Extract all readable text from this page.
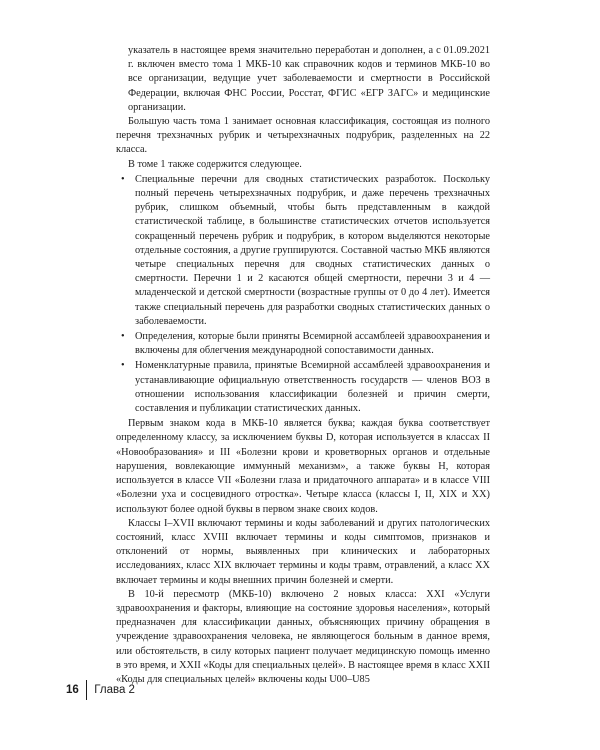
указатель в настоящее время значительно переработан и дополнен, а с 01.09.2021 г. включен вместо тома 1 МКБ-10 как справочник кодов и терминов МКБ-10 во все организации, ведущие учет заболеваемости и смертности в Российской Федерации, включая ФНС России, Росстат, ФГИС «ЕГР ЗАГС» и медицинские организации.

Большую часть тома 1 занимает основная классификация, состоящая из полного перечня трехзначных рубрик и четырехзначных подрубрик, разделенных на 22 класса.

В томе 1 также содержится следующее.

• Специальные перечни для сводных статистических разработок. Поскольку полный перечень четырехзначных подрубрик, и даже перечень трехзначных рубрик, слишком объемный, чтобы быть представленным в каждой статистической таблице, в большинстве статистических отчетов используется сокращенный перечень рубрик и подрубрик, в котором выделяются некоторые отдельные состояния, а другие группируются. Составной частью МКБ являются четыре специальных перечня для сводных статистических данных о смертности. Перечни 1 и 2 касаются общей смертности, перечни 3 и 4 — младенческой и детской смертности (возрастные группы от 0 до 4 лет). Имеется также специальный перечень для разработки сводных статистических данных о заболеваемости.
• Определения, которые были приняты Всемирной ассамблеей здравоохранения и включены для облегчения международной сопоставимости данных.
• Номенклатурные правила, принятые Всемирной ассамблеей здравоохранения и устанавливающие официальную ответственность государств — членов ВОЗ в отношении использования классификации болезней и причин смерти, составления и публикации статистических данных.

Первым знаком кода в МКБ-10 является буква; каждая буква соответствует определенному классу, за исключением буквы D, которая используется в классах II «Новообразования» и III «Болезни крови и кроветворных органов и отдельные нарушения, вовлекающие иммунный механизм», а также буквы H, которая используется в классе VII «Болезни глаза и придаточного аппарата» и в классе VIII «Болезни уха и сосцевидного отростка». Четыре класса (классы I, II, XIX и XX) используют более одной буквы в первом знаке своих кодов.

Классы I–XVII включают термины и коды заболеваний и других патологических состояний, класс XVIII включает термины и коды симптомов, признаков и отклонений от нормы, выявленных при клинических и лабораторных исследованиях, класс XIX включает термины и коды травм, отравлений, а класс XX включает термины и коды внешних причин болезней и смерти.

В 10-й пересмотр (МКБ-10) включено 2 новых класса: XXI «Услуги здравоохранения и факторы, влияющие на состояние здоровья населения», который предназначен для классификации данных, объясняющих причину обращения в учреждение здравоохранения человека, не являющегося больным в данное время, или обстоятельств, в силу которых пациент получает медицинскую помощь именно в это время, и XXII «Коды для специальных целей». В настоящее время в класс XXII «Коды для специальных целей» включены коды U00–U85

16 Глава 2
